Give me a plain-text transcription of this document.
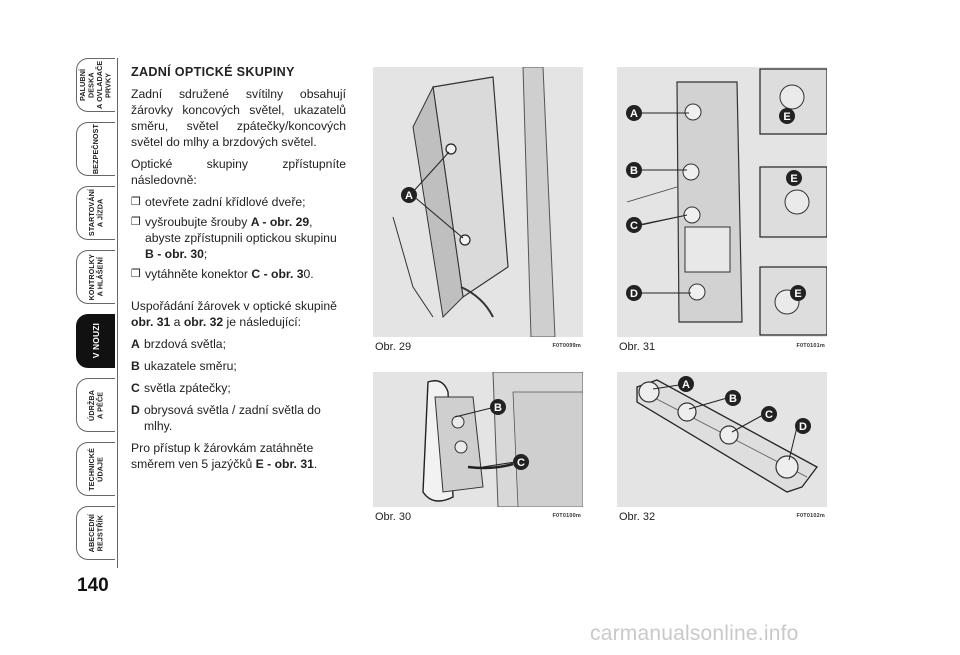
PALUBNÍ DESKA
A OVLADAČE PRVKY
BEZPEČNOST
STARTOVÁNÍ
A JÍZDA
KONTROLKY
A HLÁŠENÍ
V NOUZI
ÚDRŽBA
A PÉČE
TECHNICKÉ
ÚDAJE
ABECEDNÍ
REJSTŘÍK
140
ZADNÍ OPTICKÉ SKUPINY

Zadní sdružené svítilny obsahují žárovky koncových světel, ukazatelů směru, světel zpátečky/koncových světel do mlhy a brzdových světel.

Optické skupiny zpřístupníte následovně:

❒ otevřete zadní křídlové dveře;
❒ vyšroubujte šrouby A - obr. 29, abyste zpřístupnili optickou skupinu B - obr. 30;
❒ vytáhněte konektor C - obr. 30.

Uspořádání žárovek v optické skupině obr. 31 a obr. 32 je následující:

A brzdová světla;
B ukazatele směru;
C světla zpátečky;
D obrysová světla / zadní světla do mlhy.

Pro přístup k žárovkám zatáhněte směrem ven 5 jazýčků E - obr. 31.

A
Obr. 29	F0T0099m
A
B
C
D
E
E
E
Obr. 31	F0T0101m
B
C
Obr. 30	F0T0100m
A
B
C
D
Obr. 32	F0T0102m
carmanualsonline.info
